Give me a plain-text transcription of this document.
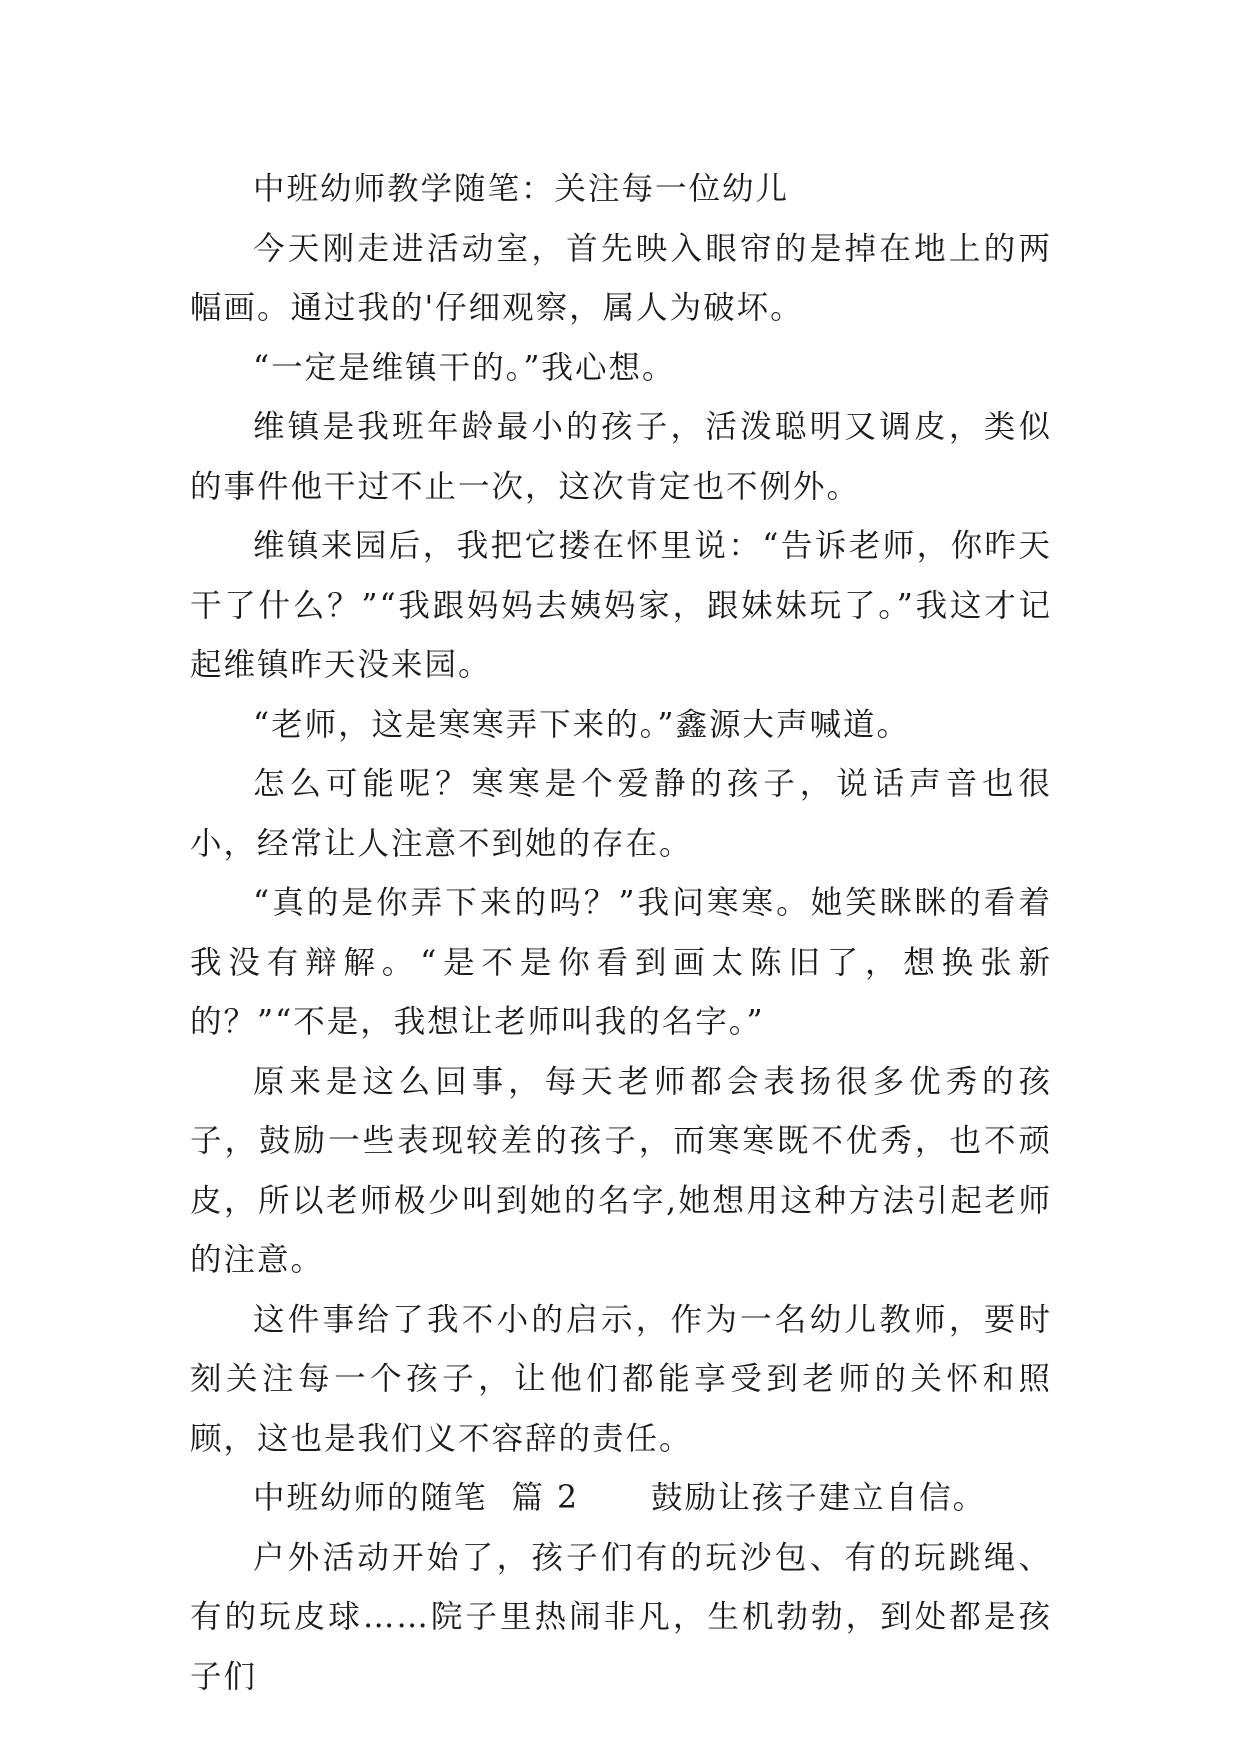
中班幼师教学随笔：关注每一位幼儿

今天刚走进活动室，首先映入眼帘的是掉在地上的两幅画。通过我的'仔细观察，属人为破坏。

“一定是维镇干的。”我心想。

维镇是我班年龄最小的孩子，活泼聪明又调皮，类似的事件他干过不止一次，这次肯定也不例外。

维镇来园后，我把它搂在怀里说：“告诉老师，你昨天干了什么？”“我跟妈妈去姨妈家，跟妹妹玩了。”我这才记起维镇昨天没来园。

“老师，这是寒寒弄下来的。”鑫源大声喊道。

怎么可能呢？寒寒是个爱静的孩子，说话声音也很小，经常让人注意不到她的存在。

“真的是你弄下来的吗？”我问寒寒。她笑眯眯的看着我没有辩解。“是不是你看到画太陈旧了，想换张新的？”“不是，我想让老师叫我的名字。”

原来是这么回事，每天老师都会表扬很多优秀的孩子，鼓励一些表现较差的孩子，而寒寒既不优秀，也不顽皮，所以老师极少叫到她的名字,她想用这种方法引起老师的注意。

这件事给了我不小的启示，作为一名幼儿教师，要时刻关注每一个孩子，让他们都能享受到老师的关怀和照顾，这也是我们义不容辞的责任。

中班幼师的随笔  篇 2      鼓励让孩子建立自信。

户外活动开始了，孩子们有的玩沙包、有的玩跳绳、有的玩皮球……院子里热闹非凡，生机勃勃，到处都是孩子们
